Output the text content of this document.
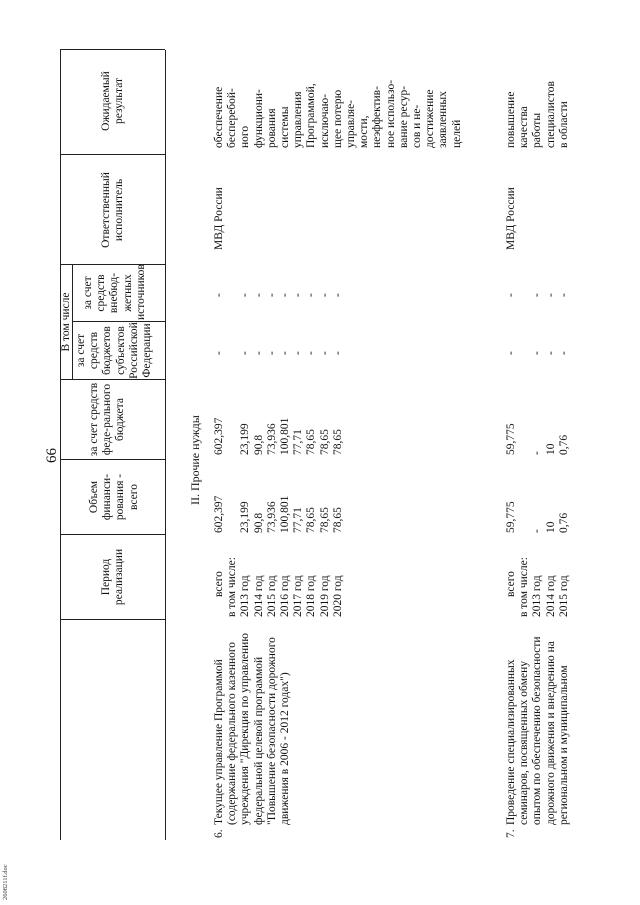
66
2608211f.doc
Период реализации
Объем финанси-рования - всего
В том числе
за счет средств феде-рального бюджета
за счет средств бюджетов субъектов Российской Федерации
за счет средств внебюд-жетных источников
Ответственный исполнитель
Ожидаемый результат
II. Прочие нужды
6.
Текущее управление Программой (содержание федерального казенного учреждения "Дирекция по управлению федеральной целевой программой "Повышение безопасности дорожного движения в 2006 - 2012 годах")
всего в том числе: 2013 год 2014 год 2015 год 2016 год 2017 год 2018 год 2019 год 2020 год
602,397 23,199 90,8 73,936 100,801 77,71 78,65 78,65 78,65
602,397 23,199 90,8 73,936 100,801 77,71 78,65 78,65 78,65
- - - - - - - - -
- - - - - - - - -
МВД России
обеспечение бесперебой- ного функциони- рования системы управления Программой, исключаю- щее потерю управляе- мости, неэффектив- ное использо- вание ресур- сов и не- достижение заявленных целей
7.
Проведение специализированных семинаров, посвященных обмену опытом по обеспечению безопасности дорожного движения и внедрению на региональном и муниципальном
всего в том числе: 2013 год 2014 год 2015 год
59,775 - 10 0,76
59,775 - 10 0,76
- - - -
- - - -
МВД России
повышение качества работы специалистов в области
